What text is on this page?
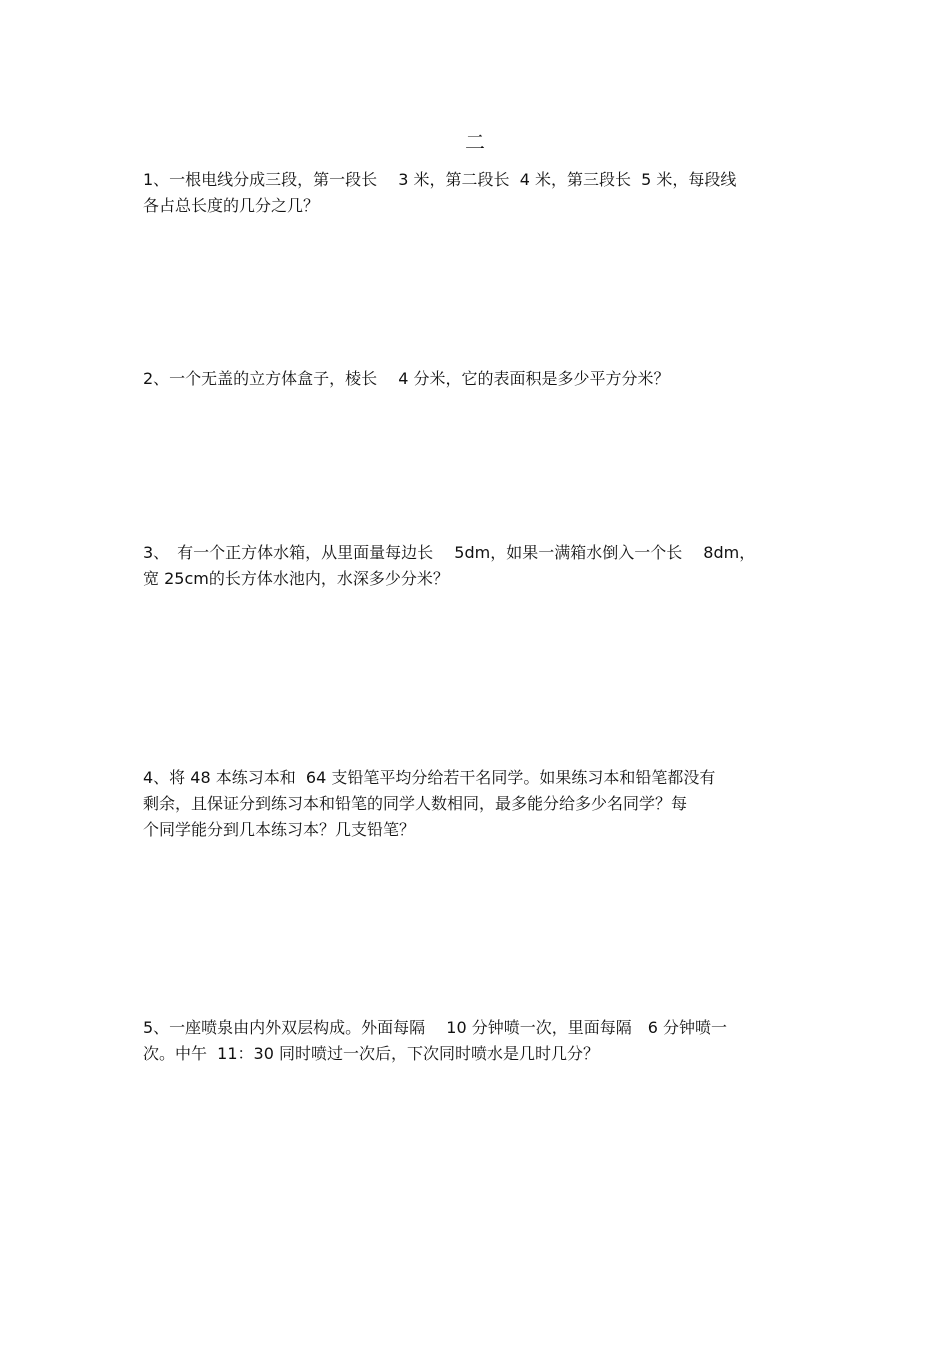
二
1、一根电线分成三段，第一段长　 3 米，第二段长  4 米，第三段长  5 米，每段线
各占总长度的几分之几？
2、一个无盖的立方体盒子，棱长　 4 分米，它的表面积是多少平方分米？
3、　有一个正方体水箱，从里面量每边长　 5dm，如果一满箱水倒入一个长　 8dm，
宽 25cm的长方体水池内，水深多少分米？
4、将 48 本练习本和  64 支铅笔平均分给若干名同学。如果练习本和铅笔都没有
剩余，且保证分到练习本和铅笔的同学人数相同，最多能分给多少名同学？每
个同学能分到几本练习本？几支铅笔？
5、一座喷泉由内外双层构成。外面每隔　 10 分钟喷一次，里面每隔　6 分钟喷一
次。中午  11：30 同时喷过一次后，下次同时喷水是几时几分？
